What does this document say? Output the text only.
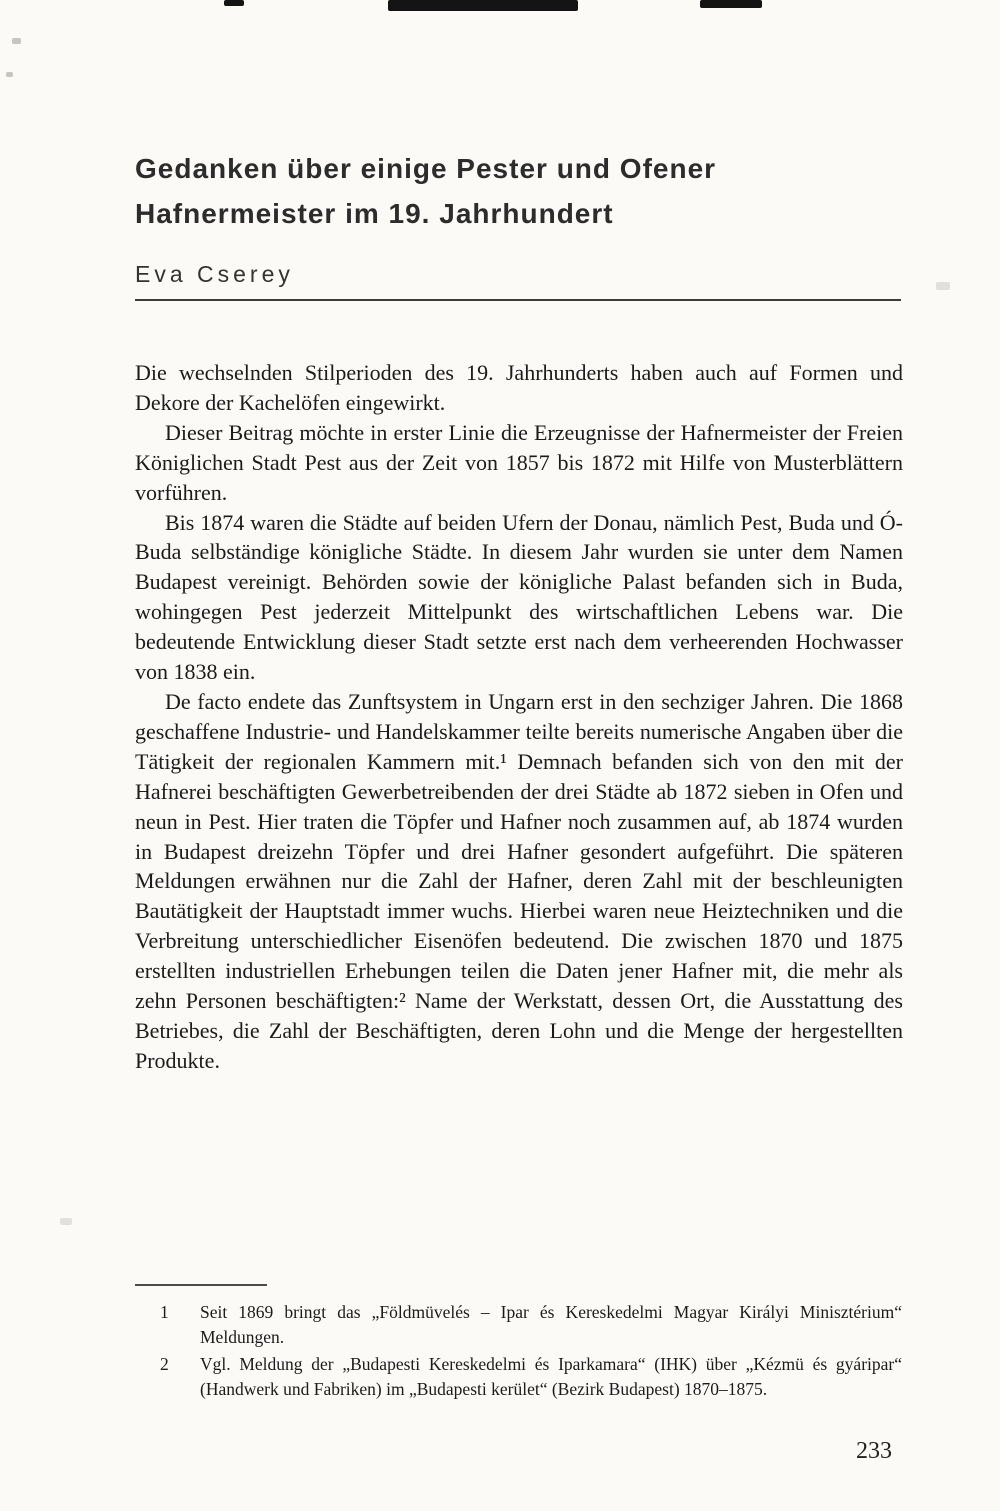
Gedanken über einige Pester und Ofener
Hafnermeister im 19. Jahrhundert
Eva Cserey

Die wechselnden Stilperioden des 19. Jahrhunderts haben auch auf Formen und Dekore der Kachelöfen eingewirkt.

Dieser Beitrag möchte in erster Linie die Erzeugnisse der Hafnermeister der Freien Königlichen Stadt Pest aus der Zeit von 1857 bis 1872 mit Hilfe von Musterblättern vorführen.

Bis 1874 waren die Städte auf beiden Ufern der Donau, nämlich Pest, Buda und Ó-Buda selbständige königliche Städte. In diesem Jahr wurden sie unter dem Namen Budapest vereinigt. Behörden sowie der königliche Palast befanden sich in Buda, wohingegen Pest jederzeit Mittelpunkt des wirtschaftlichen Lebens war. Die bedeutende Entwicklung dieser Stadt setzte erst nach dem verheerenden Hochwasser von 1838 ein.

De facto endete das Zunftsystem in Ungarn erst in den sechziger Jahren. Die 1868 geschaffene Industrie- und Handelskammer teilte bereits numerische Angaben über die Tätigkeit der regionalen Kammern mit.¹ Demnach befanden sich von den mit der Hafnerei beschäftigten Gewerbetreibenden der drei Städte ab 1872 sieben in Ofen und neun in Pest. Hier traten die Töpfer und Hafner noch zusammen auf, ab 1874 wurden in Budapest dreizehn Töpfer und drei Hafner gesondert aufgeführt. Die späteren Meldungen erwähnen nur die Zahl der Hafner, deren Zahl mit der beschleunigten Bautätigkeit der Hauptstadt immer wuchs. Hierbei waren neue Heiztechniken und die Verbreitung unterschiedlicher Eisenöfen bedeutend. Die zwischen 1870 und 1875 erstellten industriellen Erhebungen teilen die Daten jener Hafner mit, die mehr als zehn Personen beschäftigten:² Name der Werkstatt, dessen Ort, die Ausstattung des Betriebes, die Zahl der Beschäftigten, deren Lohn und die Menge der hergestellten Produkte.

1	Seit 1869 bringt das „Földmüvelés – Ipar és Kereskedelmi Magyar Királyi Minisztérium“ Meldungen.
2	Vgl. Meldung der „Budapesti Kereskedelmi és Iparkamara“ (IHK) über „Kézmü és gyáripar“ (Handwerk und Fabriken) im „Budapesti kerület“ (Bezirk Budapest) 1870–1875.
233
